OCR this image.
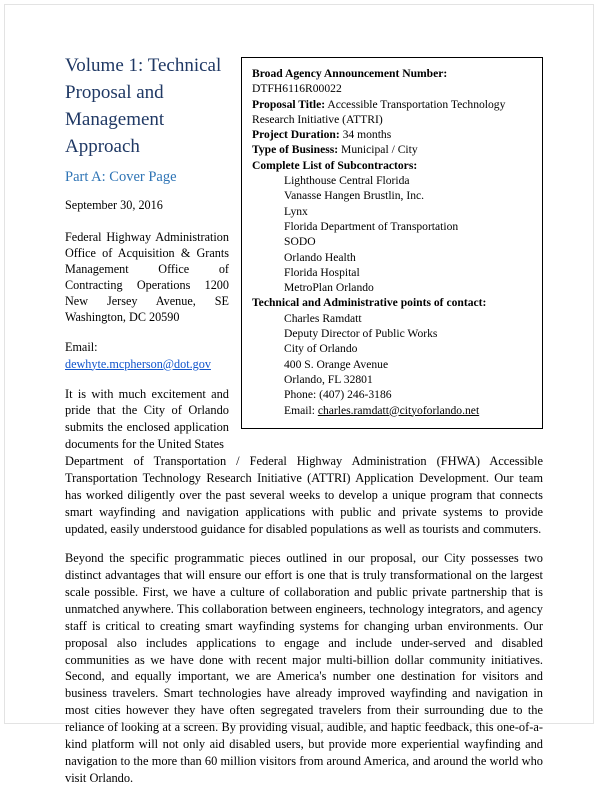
Broad Agency Announcement Number:
DTFH6116R00022
Proposal Title: Accessible Transportation Technology Research Initiative (ATTRI)
Project Duration: 34 months
Type of Business: Municipal / City
Complete List of Subcontractors:
Lighthouse Central Florida
Vanasse Hangen Brustlin, Inc.
Lynx
Florida Department of Transportation
SODO
Orlando Health
Florida Hospital
MetroPlan Orlando
Technical and Administrative points of contact:
Charles Ramdatt
Deputy Director of Public Works
City of Orlando
400 S. Orange Avenue
Orlando, FL 32801
Phone: (407) 246-3186
Email: charles.ramdatt@cityoforlando.net
Volume 1: Technical Proposal and Management Approach
Part A: Cover Page
September 30, 2016
Federal Highway Administration Office of Acquisition & Grants Management Office of Contracting Operations 1200 New Jersey Avenue, SE Washington, DC 20590
Email:
dewhyte.mcpherson@dot.gov
It is with much excitement and pride that the City of Orlando submits the enclosed application documents for the United States
Department of Transportation / Federal Highway Administration (FHWA) Accessible Transportation Technology Research Initiative (ATTRI) Application Development. Our team has worked diligently over the past several weeks to develop a unique program that connects smart wayfinding and navigation applications with public and private systems to provide updated, easily understood guidance for disabled populations as well as tourists and commuters.
Beyond the specific programmatic pieces outlined in our proposal, our City possesses two distinct advantages that will ensure our effort is one that is truly transformational on the largest scale possible. First, we have a culture of collaboration and public private partnership that is unmatched anywhere. This collaboration between engineers, technology integrators, and agency staff is critical to creating smart wayfinding systems for changing urban environments. Our proposal also includes applications to engage and include under-served and disabled communities as we have done with recent major multi-billion dollar community initiatives. Second, and equally important, we are America's number one destination for visitors and business travelers. Smart technologies have already improved wayfinding and navigation in most cities however they have often segregated travelers from their surrounding due to the reliance of looking at a screen. By providing visual, audible, and haptic feedback, this one-of-a-kind platform will not only aid disabled users, but provide more experiential wayfinding and navigation to the more than 60 million visitors from around America, and around the world who visit Orlando.
